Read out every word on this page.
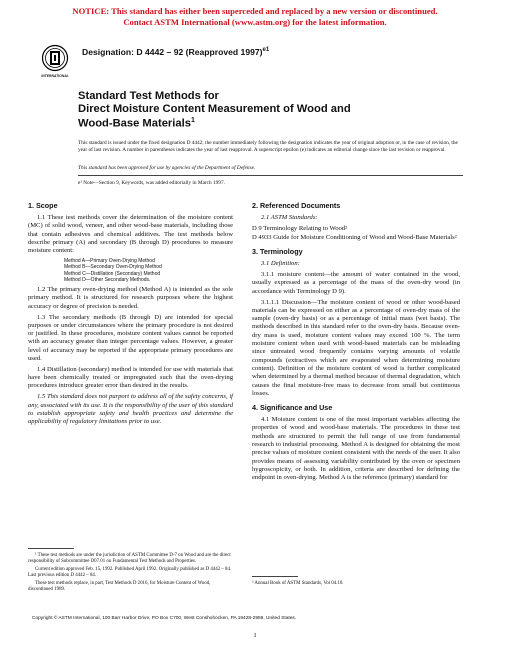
NOTICE: This standard has either been superceded and replaced by a new version or discontinued.
Contact ASTM International (www.astm.org) for the latest information.
INTERNATIONAL
Designation: D 4442 – 92 (Reapproved 1997)$^{e1}$
Standard Test Methods for
Direct Moisture Content Measurement of Wood and
Wood-Base Materials$^1$
This standard is issued under the fixed designation D 4442; the number immediately following the designation indicates the year of original adoption or, in the case of revision, the year of last revision. A number in parentheses indicates the year of last reapproval. A superscript epsilon (e) indicates an editorial change since the last revision or reapproval.
This standard has been approved for use by agencies of the Department of Defense.
e¹ Note—Section 9, Keywords, was added editorially in March 1997.
1. Scope

1.1 These test methods cover the determination of the moisture content (MC) of solid wood, veneer, and other wood-base materials, including those that contain adhesives and chemical additives. The test methods below describe primary (A) and secondary (B through D) procedures to measure moisture content:

Method A—Primary Oven-Drying Method
Method B—Secondary Oven-Drying Method
Method C—Distillation (Secondary) Method
Method D—Other Secondary Methods.

1.2 The primary oven-drying method (Method A) is intended as the sole primary method. It is structured for research purposes where the highest accuracy or degree of precision is needed.

1.3 The secondary methods (B through D) are intended for special purposes or under circumstances where the primary procedure is not desired or justified. In these procedures, moisture content values cannot be reported with an accuracy greater than integer percentage values. However, a greater level of accuracy may be reported if the appropriate primary procedures are used.

1.4 Distillation (secondary) method is intended for use with materials that have been chemically treated or impregnated such that the oven-drying procedures introduce greater error than desired in the results.

1.5 This standard does not purport to address all of the safety concerns, if any, associated with its use. It is the responsibility of the user of this standard to establish appropriate safety and health practices and determine the applicability of regulatory limitations prior to use.

2. Referenced Documents

2.1 ASTM Standards:

D 9 Terminology Relating to Wood²
D 4933 Guide for Moisture Conditioning of Wood and Wood-Base Materials²
3. Terminology

3.1 Definition:

3.1.1 moisture content—the amount of water contained in the wood, usually expressed as a percentage of the mass of the oven-dry wood (in accordance with Terminology D 9).

3.1.1.1 Discussion—The moisture content of wood or other wood-based materials can be expressed on either as a percentage of oven-dry mass of the sample (oven-dry basis) or as a percentage of initial mass (wet basis). The methods described in this standard refer to the oven-dry basis. Because oven-dry mass is used, moisture content values may exceed 100 %. The term moisture content when used with wood-based materials can be misleading since untreated wood frequently contains varying amounts of volatile compounds (extractives which are evaporated when determining moisture content). Definition of the moisture content of wood is further complicated when determined by a thermal method because of thermal degradation, which causes the final moisture-free mass to decrease from small but continuous losses.

4. Significance and Use

4.1 Moisture content is one of the most important variables affecting the properties of wood and wood-base materials. The procedures in these test methods are structured to permit the full range of use from fundamental research to industrial processing. Method A is designed for obtaining the most precise values of moisture content consistent with the needs of the user. It also provides means of assessing variability contributed by the oven or specimen hygroscopicity, or both. In addition, criteria are described for defining the endpoint in oven-drying. Method A is the reference (primary) standard for

¹ These test methods are under the jurisdiction of ASTM Committee D-7 on Wood and are the direct responsibility of Subcommittee D07.01 on Fundamental Test Methods and Properties.

Current edition approved Feb. 15, 1992. Published April 1992. Originally published as D 4442 – 84. Last previous edition D 4442 – 84.

These test methods replace, in part, Test Methods D 2016, for Moisture Content of Wood, discontinued 1989.

² Annual Book of ASTM Standards, Vol 04.10.
Copyright © ASTM International, 100 Barr Harbor Drive, PO Box C700, West Conshohocken, PA 19428-2959, United States.
1
